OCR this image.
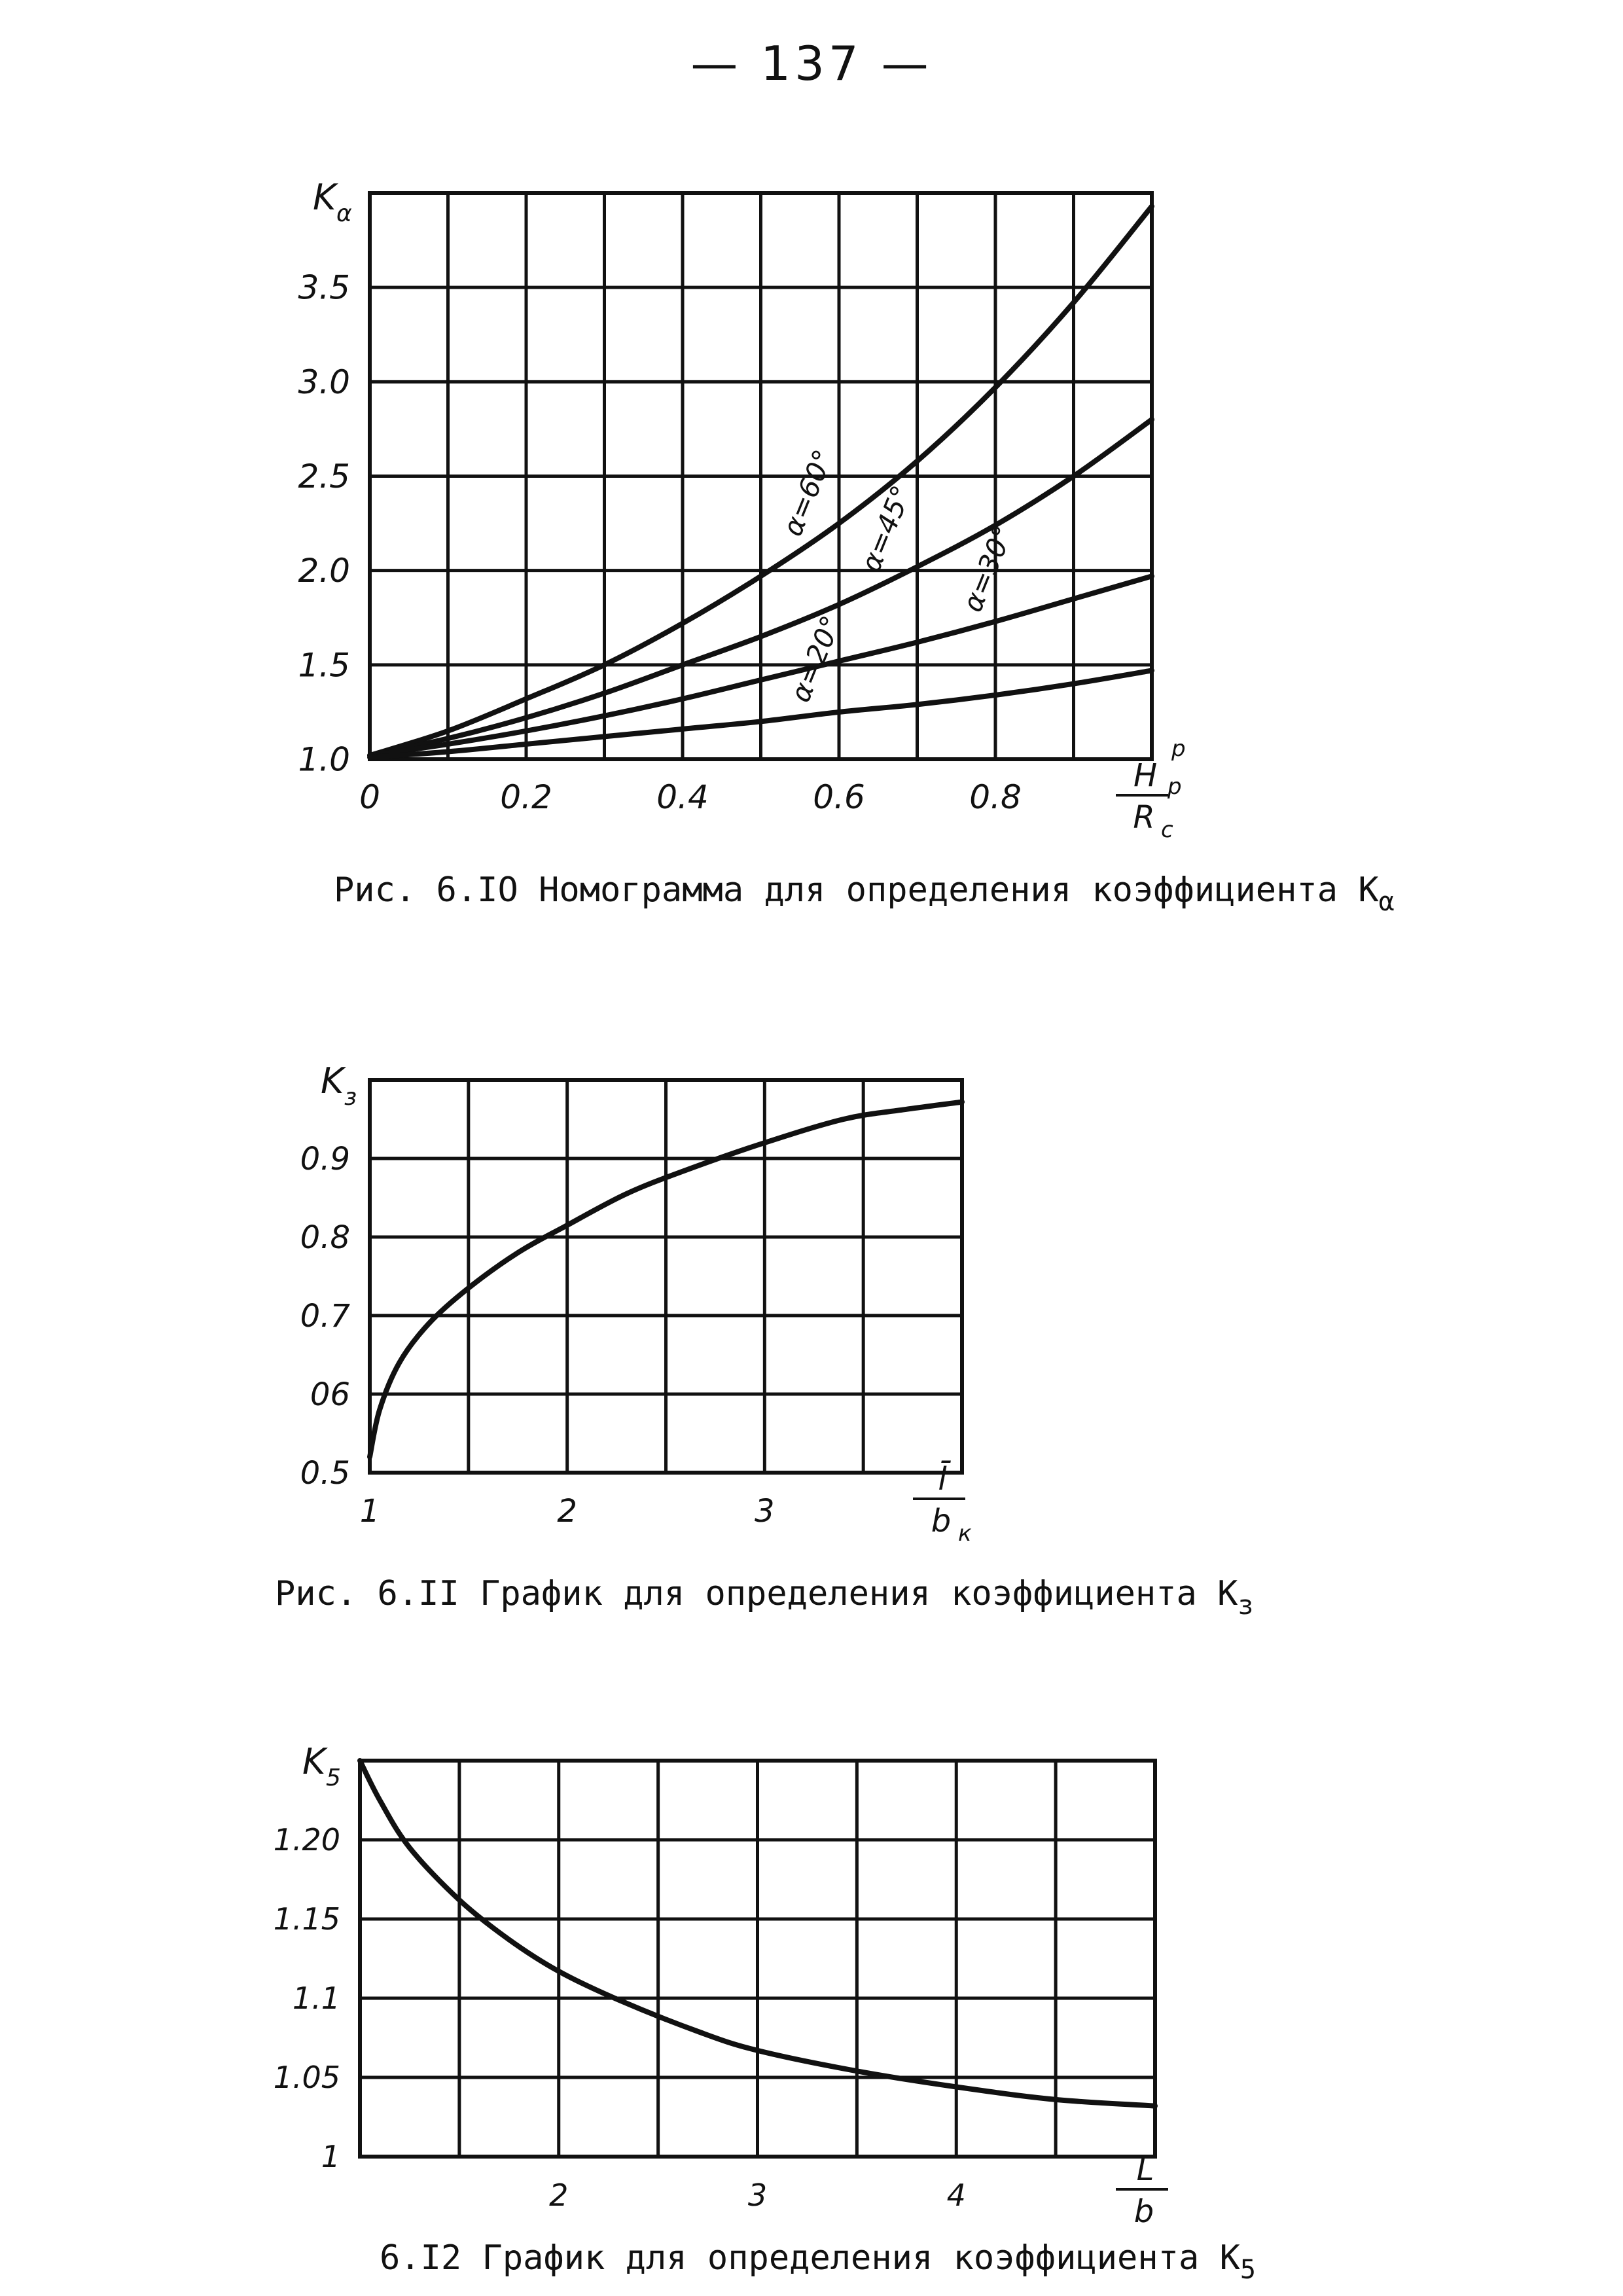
— 137 —
1.0
1.5
2.0
2.5
3.0
3.5
0	0.2	0.4	0.6	0.8
K α
H
p
p
R c
α=60° α=45° α=30°
α=20°
Рис. 6.IO Номограмма для определения коэффициента $K_\alpha$
0.5
06
0.7
0.8
0.9
1	2	3
K з
l̄
b к
Рис. 6.II График для определения коэффициента $K_з$
1
1.05
1.1
1.15
1.20
2	3	4
K 5
L
b
6.I2 График для определения коэффициента $K_5$
